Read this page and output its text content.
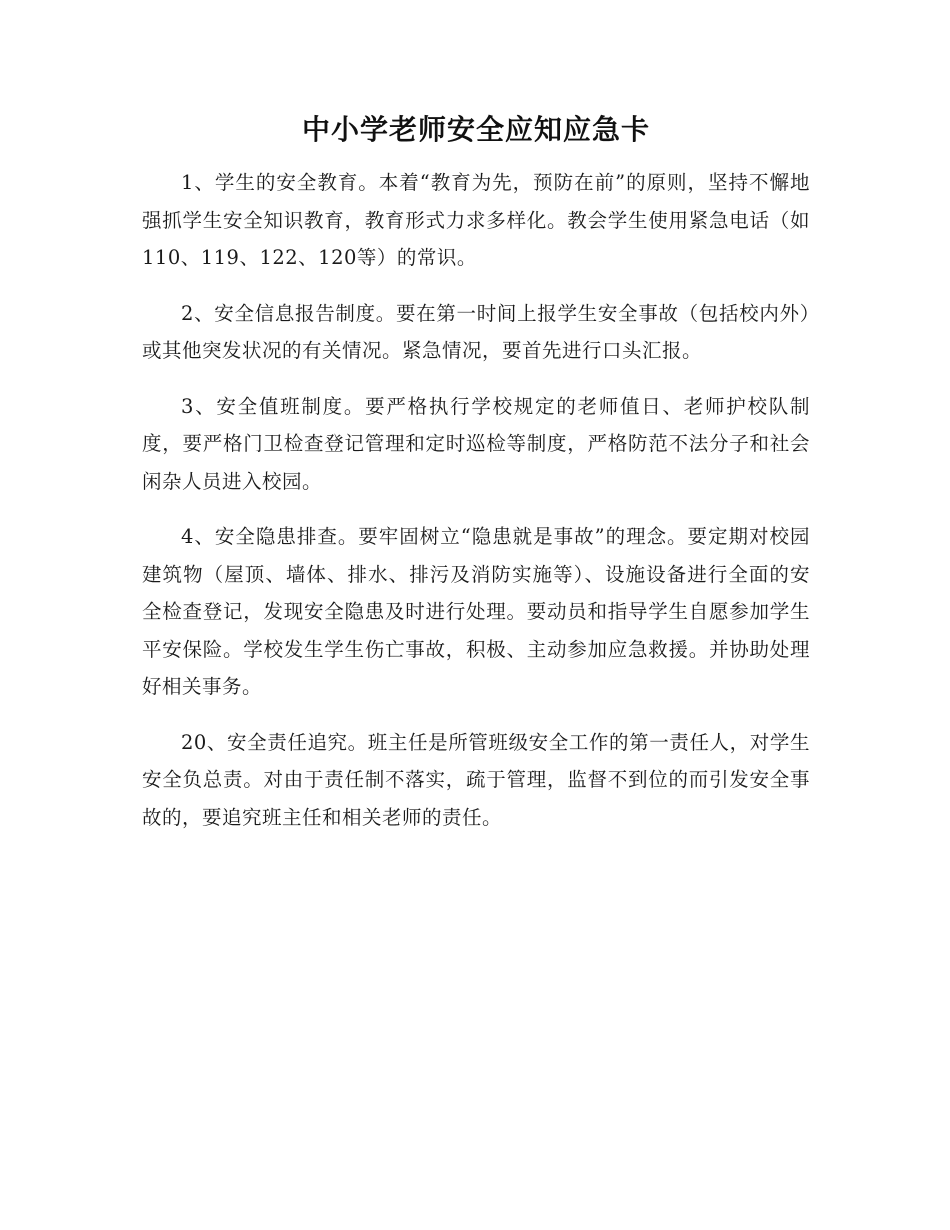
中小学老师安全应知应急卡

1、学生的安全教育。本着“教育为先，预防在前”的原则，坚持不懈地强抓学生安全知识教育，教育形式力求多样化。教会学生使用紧急电话（如110、119、122、120等）的常识。

2、安全信息报告制度。要在第一时间上报学生安全事故（包括校内外）或其他突发状况的有关情况。紧急情况，要首先进行口头汇报。

3、安全值班制度。要严格执行学校规定的老师值日、老师护校队制度，要严格门卫检查登记管理和定时巡检等制度，严格防范不法分子和社会闲杂人员进入校园。

4、安全隐患排查。要牢固树立“隐患就是事故”的理念。要定期对校园建筑物（屋顶、墙体、排水、排污及消防实施等）、设施设备进行全面的安全检查登记，发现安全隐患及时进行处理。要动员和指导学生自愿参加学生平安保险。学校发生学生伤亡事故，积极、主动参加应急救援。并协助处理好相关事务。

20、安全责任追究。班主任是所管班级安全工作的第一责任人，对学生安全负总责。对由于责任制不落实，疏于管理，监督不到位的而引发安全事故的，要追究班主任和相关老师的责任。
